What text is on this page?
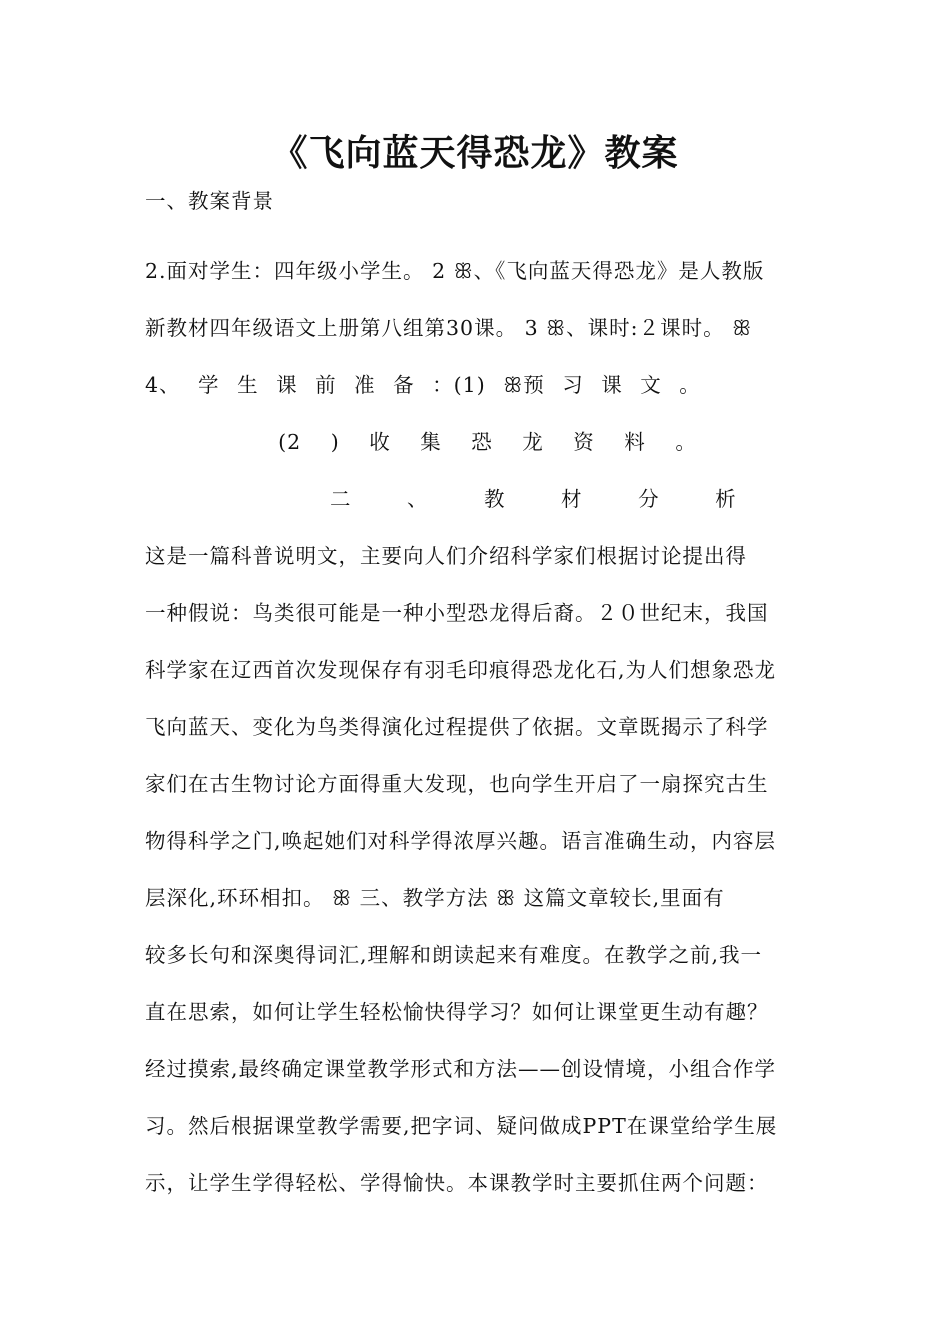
《飞向蓝天得恐龙》教案
一、教案背景
2.面对学生：四年级小学生。 2 ꕥ、《飞向蓝天得恐龙》是人教版
新教材四年级语文上册第八组第30课。 3 ꕥ、课时:２课时。 ꕥ
4、 学 生 课 前 准 备 ：(1) ꕥ预 习 课 文 。
(2 ) 收 集 恐 龙 资 料 。
二 、 教 材 分 析
这是一篇科普说明文，主要向人们介绍科学家们根据讨论提出得
一种假说：鸟类很可能是一种小型恐龙得后裔。２０世纪末，我国
科学家在辽西首次发现保存有羽毛印痕得恐龙化石,为人们想象恐龙
飞向蓝天、变化为鸟类得演化过程提供了依据。文章既揭示了科学
家们在古生物讨论方面得重大发现，也向学生开启了一扇探究古生
物得科学之门,唤起她们对科学得浓厚兴趣。语言准确生动，内容层
层深化,环环相扣。 ꕥ 三、教学方法 ꕥ 这篇文章较长,里面有
较多长句和深奥得词汇,理解和朗读起来有难度。在教学之前,我一
直在思索，如何让学生轻松愉快得学习？如何让课堂更生动有趣？
经过摸索,最终确定课堂教学形式和方法——创设情境，小组合作学
习。然后根据课堂教学需要,把字词、疑问做成PPT在课堂给学生展
示，让学生学得轻松、学得愉快。本课教学时主要抓住两个问题：
